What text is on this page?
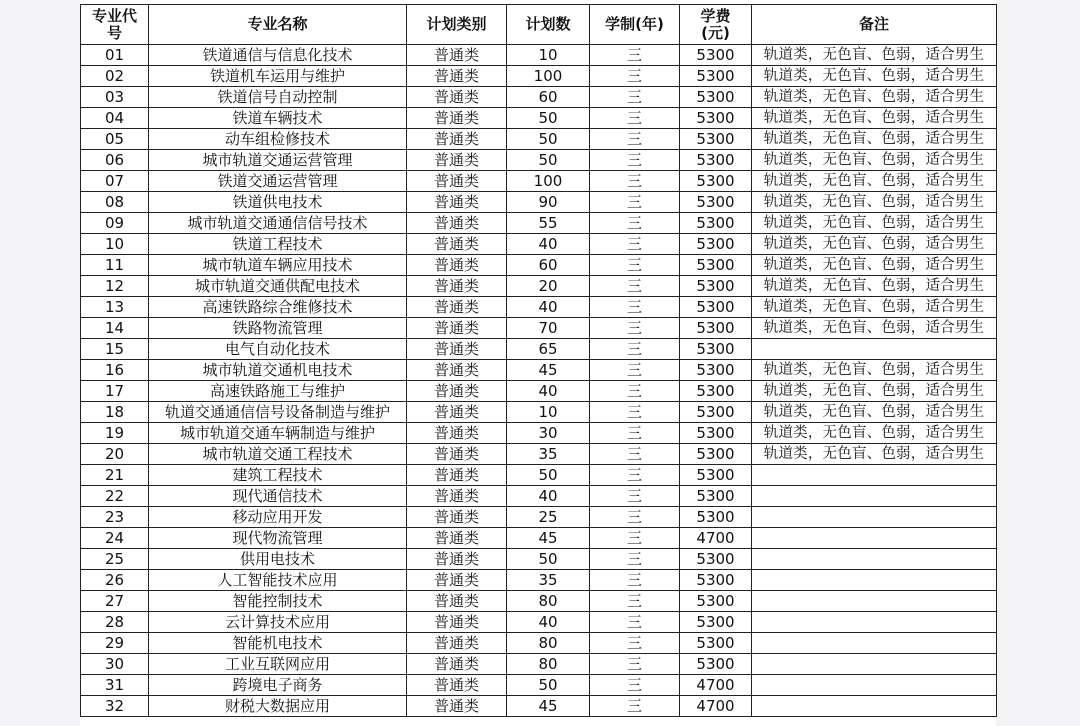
专业代号	专业名称	计划类别	计划数	学制(年)	学费(元)	备注
01	铁道通信与信息化技术	普通类	10	三	5300	轨道类，无色盲、色弱，适合男生
02	铁道机车运用与维护	普通类	100	三	5300	轨道类，无色盲、色弱，适合男生
03	铁道信号自动控制	普通类	60	三	5300	轨道类，无色盲、色弱，适合男生
04	铁道车辆技术	普通类	50	三	5300	轨道类，无色盲、色弱，适合男生
05	动车组检修技术	普通类	50	三	5300	轨道类，无色盲、色弱，适合男生
06	城市轨道交通运营管理	普通类	50	三	5300	轨道类，无色盲、色弱，适合男生
07	铁道交通运营管理	普通类	100	三	5300	轨道类，无色盲、色弱，适合男生
08	铁道供电技术	普通类	90	三	5300	轨道类，无色盲、色弱，适合男生
09	城市轨道交通通信信号技术	普通类	55	三	5300	轨道类，无色盲、色弱，适合男生
10	铁道工程技术	普通类	40	三	5300	轨道类，无色盲、色弱，适合男生
11	城市轨道车辆应用技术	普通类	60	三	5300	轨道类，无色盲、色弱，适合男生
12	城市轨道交通供配电技术	普通类	20	三	5300	轨道类，无色盲、色弱，适合男生
13	高速铁路综合维修技术	普通类	40	三	5300	轨道类，无色盲、色弱，适合男生
14	铁路物流管理	普通类	70	三	5300	轨道类，无色盲、色弱，适合男生
15	电气自动化技术	普通类	65	三	5300	
16	城市轨道交通机电技术	普通类	45	三	5300	轨道类，无色盲、色弱，适合男生
17	高速铁路施工与维护	普通类	40	三	5300	轨道类，无色盲、色弱，适合男生
18	轨道交通通信信号设备制造与维护	普通类	10	三	5300	轨道类，无色盲、色弱，适合男生
19	城市轨道交通车辆制造与维护	普通类	30	三	5300	轨道类，无色盲、色弱，适合男生
20	城市轨道交通工程技术	普通类	35	三	5300	轨道类，无色盲、色弱，适合男生
21	建筑工程技术	普通类	50	三	5300	
22	现代通信技术	普通类	40	三	5300	
23	移动应用开发	普通类	25	三	5300	
24	现代物流管理	普通类	45	三	4700	
25	供用电技术	普通类	50	三	5300	
26	人工智能技术应用	普通类	35	三	5300	
27	智能控制技术	普通类	80	三	5300	
28	云计算技术应用	普通类	40	三	5300	
29	智能机电技术	普通类	80	三	5300	
30	工业互联网应用	普通类	80	三	5300	
31	跨境电子商务	普通类	50	三	4700	
32	财税大数据应用	普通类	45	三	4700	
